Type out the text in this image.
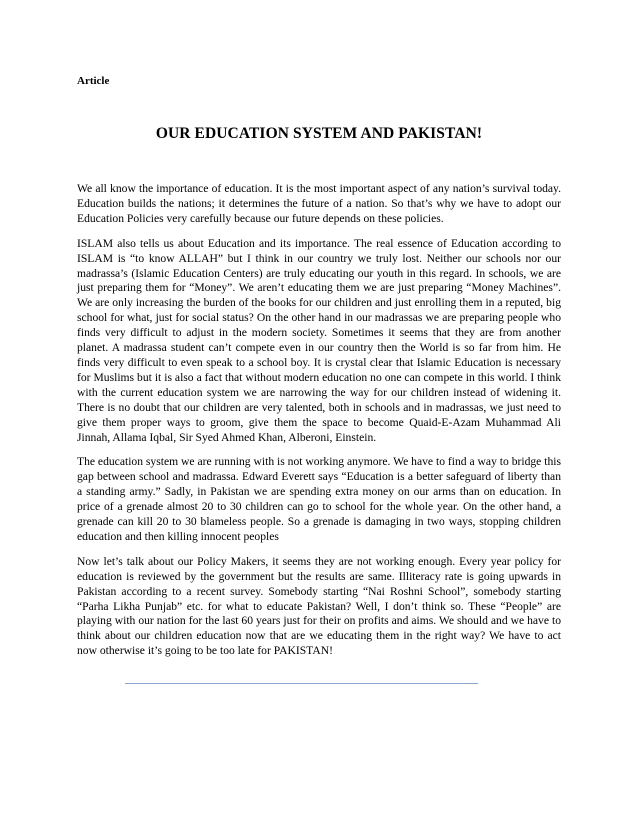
Article
OUR EDUCATION SYSTEM AND PAKISTAN!

We all know the importance of education. It is the most important aspect of any nation’s survival today. Education builds the nations; it determines the future of a nation. So that’s why we have to adopt our Education Policies very carefully because our future depends on these policies.

ISLAM also tells us about Education and its importance. The real essence of Education according to ISLAM is “to know ALLAH” but I think in our country we truly lost. Neither our schools nor our madrassa’s (Islamic Education Centers) are truly educating our youth in this regard. In schools, we are just preparing them for “Money”. We aren’t educating them we are just preparing “Money Machines”. We are only increasing the burden of the books for our children and just enrolling them in a reputed, big school for what, just for social status? On the other hand in our madrassas we are preparing people who finds very difficult to adjust in the modern society. Sometimes it seems that they are from another planet. A madrassa student can’t compete even in our country then the World is so far from him. He finds very difficult to even speak to a school boy. It is crystal clear that Islamic Education is necessary for Muslims but it is also a fact that without modern education no one can compete in this world. I think with the current education system we are narrowing the way for our children instead of widening it. There is no doubt that our children are very talented, both in schools and in madrassas, we just need to give them proper ways to groom, give them the space to become Quaid-E-Azam Muhammad Ali Jinnah, Allama Iqbal, Sir Syed Ahmed Khan, Alberoni, Einstein.

The education system we are running with is not working anymore. We have to find a way to bridge this gap between school and madrassa. Edward Everett says “Education is a better safeguard of liberty than a standing army.” Sadly, in Pakistan we are spending extra money on our arms than on education. In price of a grenade almost 20 to 30 children can go to school for the whole year. On the other hand, a grenade can kill 20 to 30 blameless people. So a grenade is damaging in two ways, stopping children education and then killing innocent peoples

Now let’s talk about our Policy Makers, it seems they are not working enough. Every year policy for education is reviewed by the government but the results are same. Illiteracy rate is going upwards in Pakistan according to a recent survey. Somebody starting “Nai Roshni School”, somebody starting “Parha Likha Punjab” etc. for what to educate Pakistan? Well, I don’t think so. These “People” are playing with our nation for the last 60 years just for their on profits and aims. We should and we have to think about our children education now that are we educating them in the right way? We have to act now otherwise it’s going to be too late for PAKISTAN!
